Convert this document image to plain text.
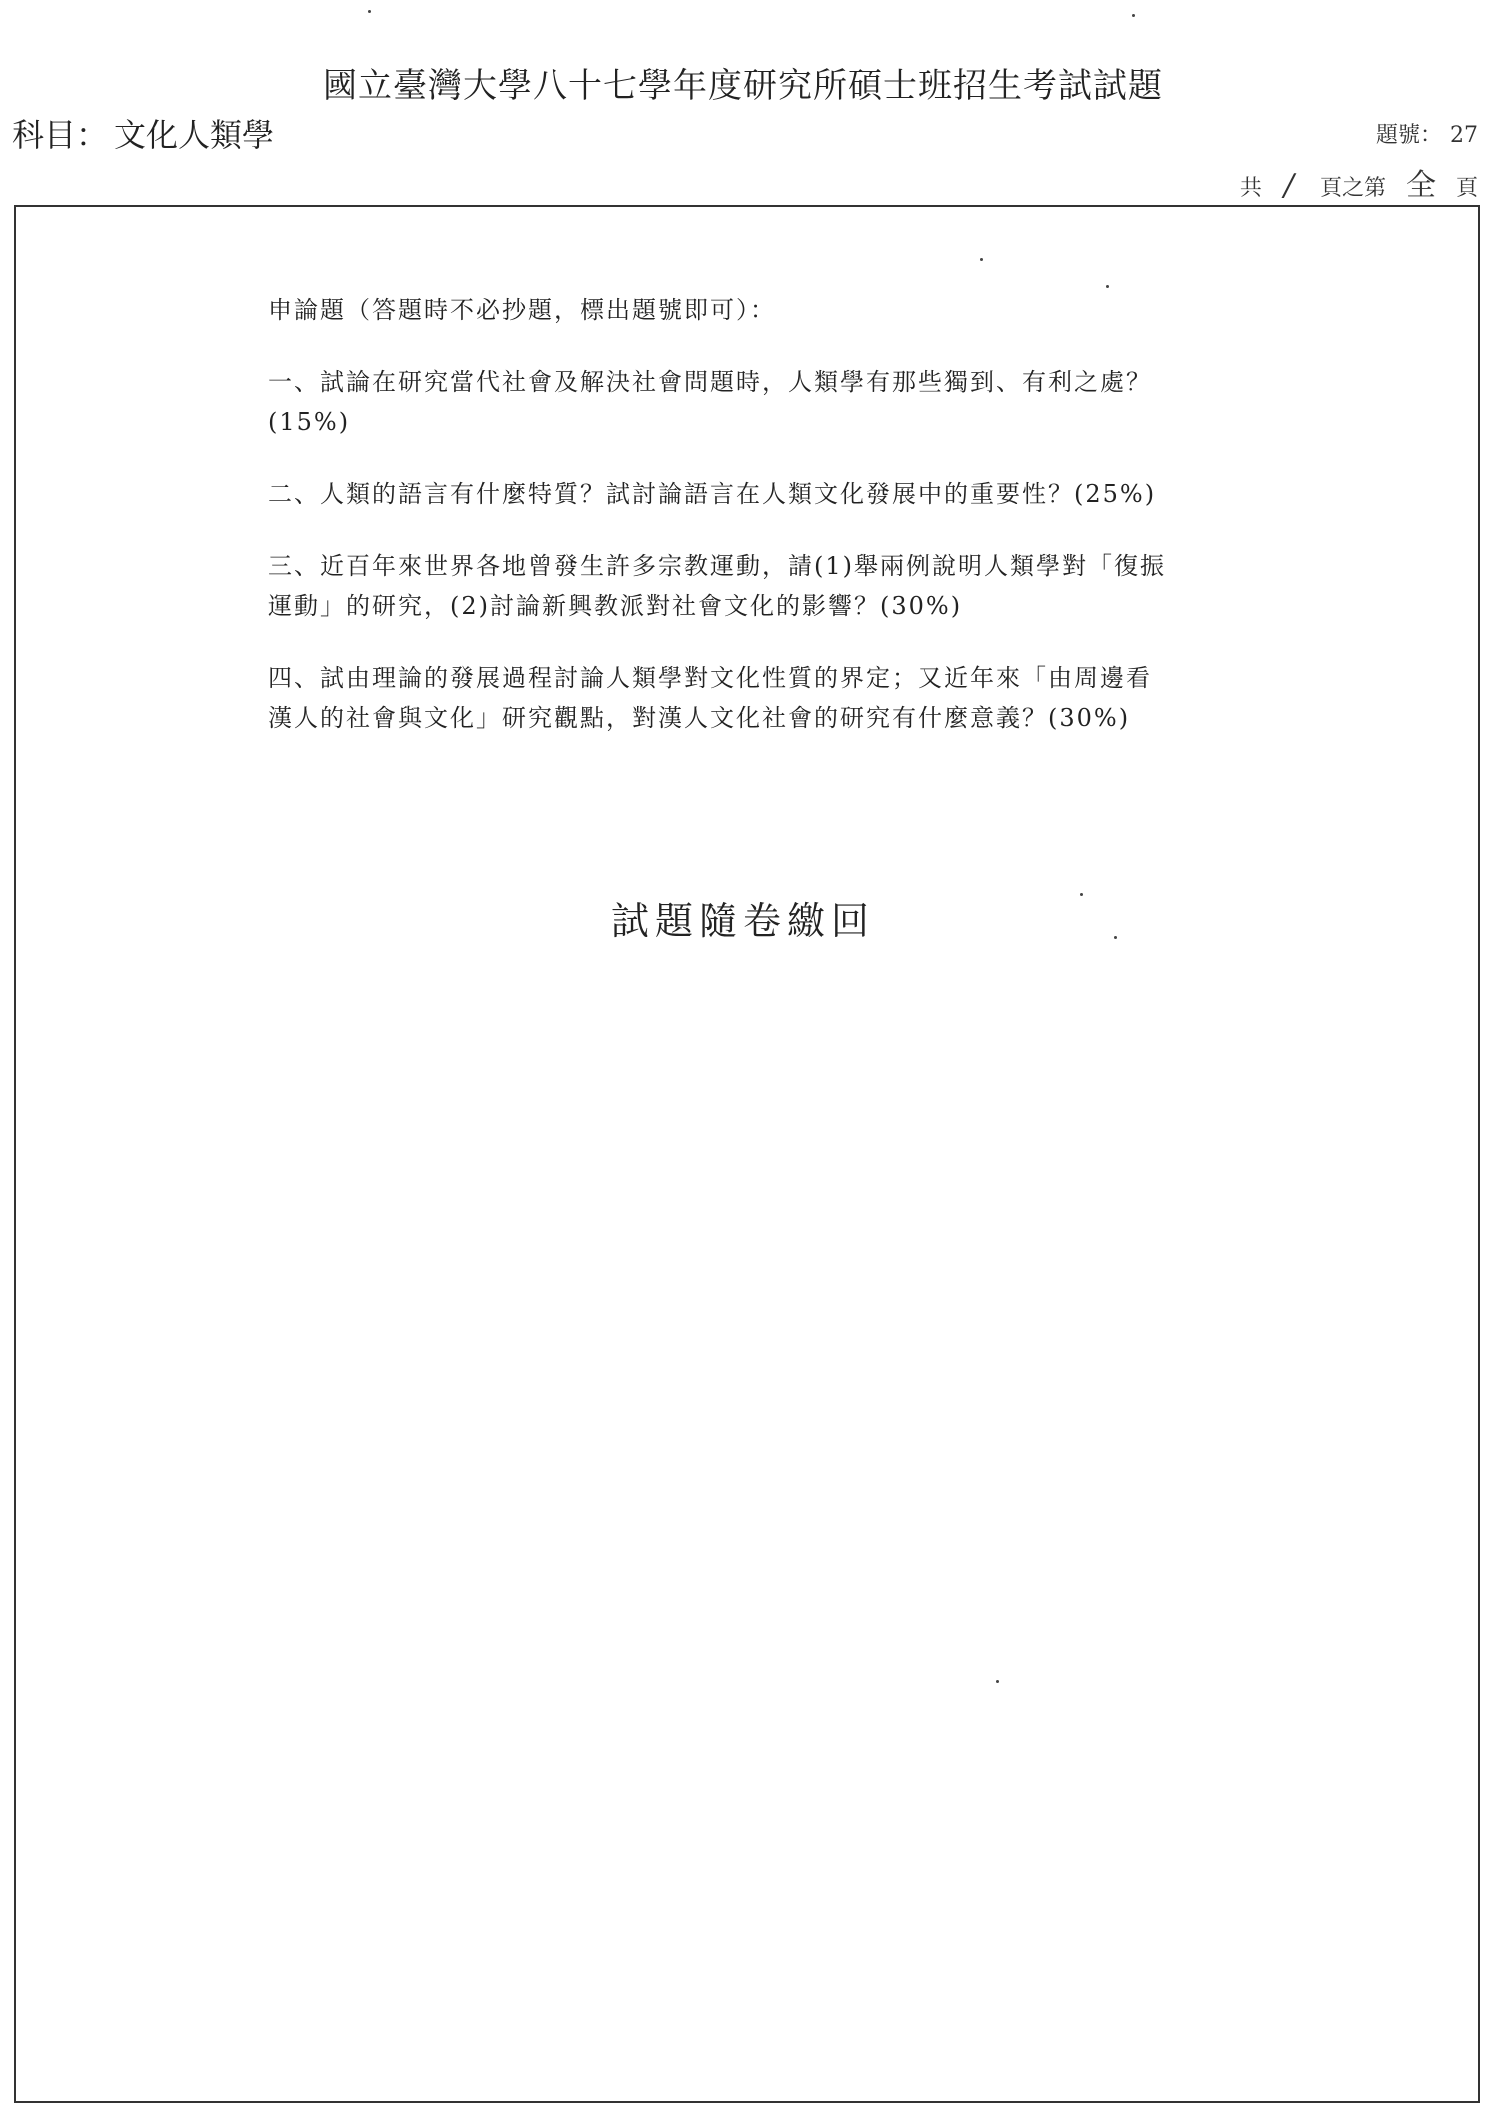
國立臺灣大學八十七學年度研究所碩士班招生考試試題
科目： 文化人類學	題號： 27
共 / 頁之第 全 頁

申論題（答題時不必抄題，標出題號即可）：

一、試論在研究當代社會及解決社會問題時，人類學有那些獨到、有利之處？(15%)

二、人類的語言有什麼特質？試討論語言在人類文化發展中的重要性？(25%)

三、近百年來世界各地曾發生許多宗教運動，請(1)舉兩例說明人類學對「復振運動」的研究，(2)討論新興教派對社會文化的影響？(30%)

四、試由理論的發展過程討論人類學對文化性質的界定；又近年來「由周邊看漢人的社會與文化」研究觀點，對漢人文化社會的研究有什麼意義？(30%)

試題隨卷繳回
